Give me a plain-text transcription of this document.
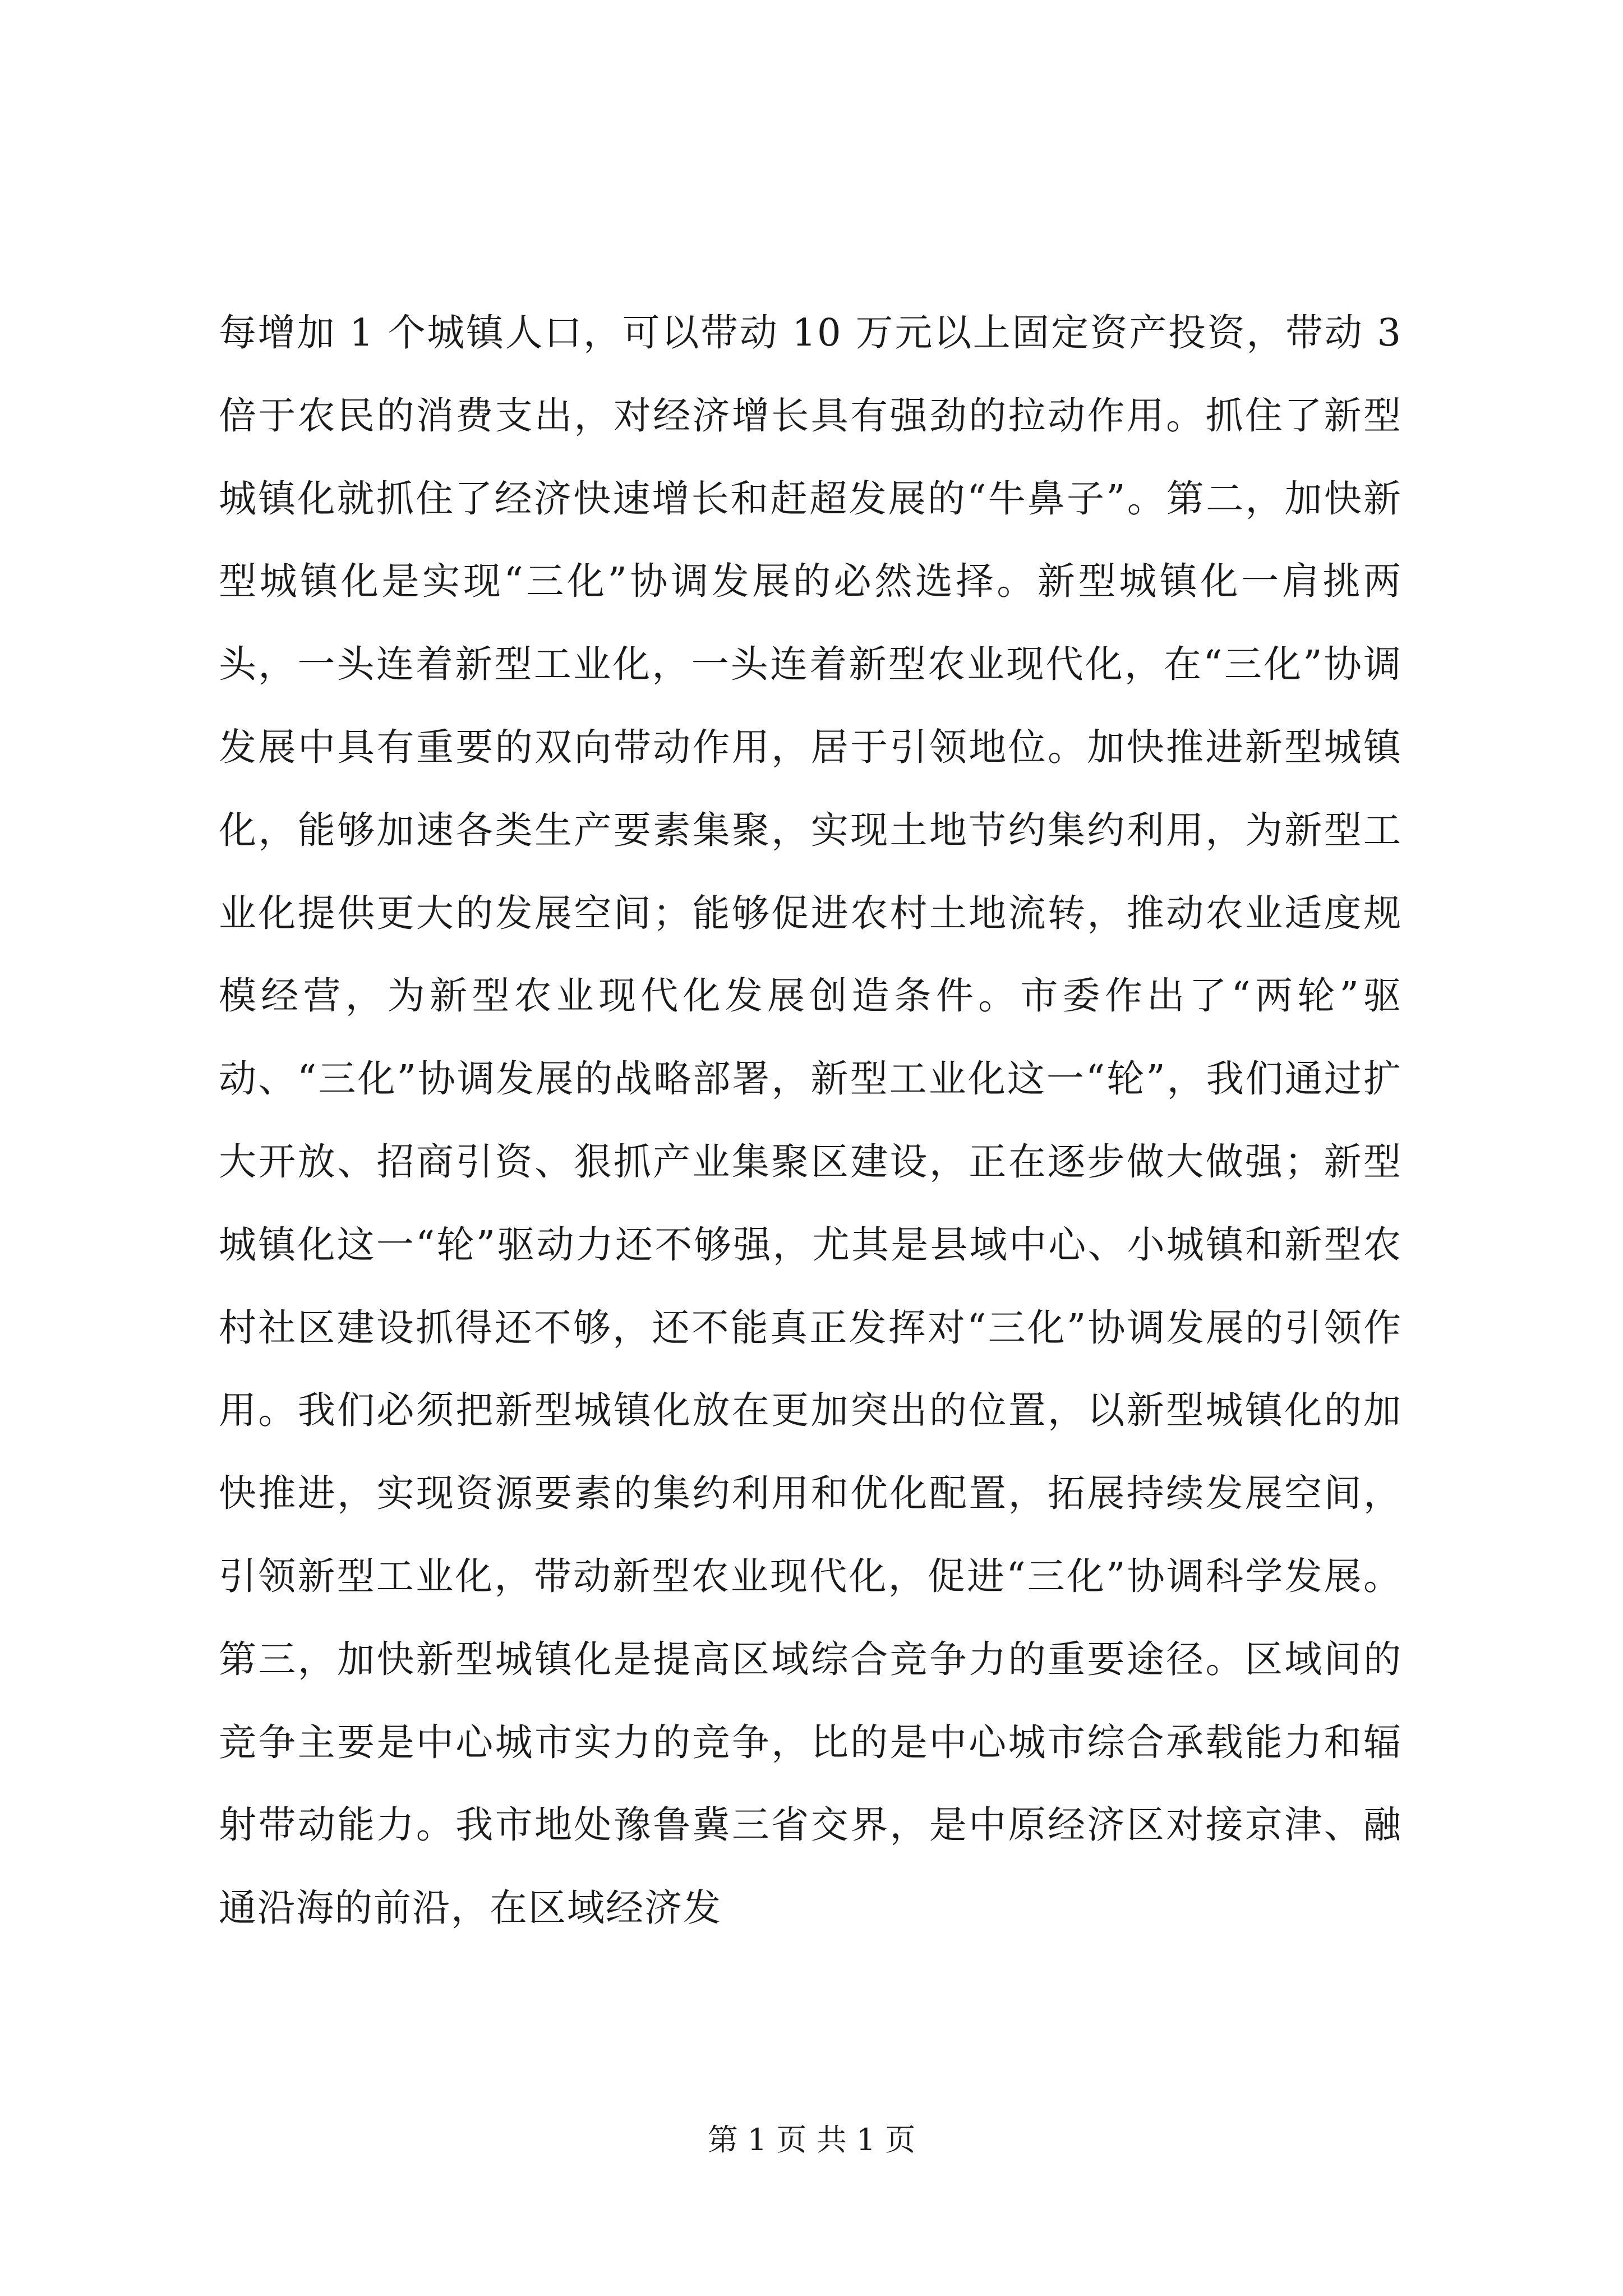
每增加 1 个城镇人口，可以带动 10 万元以上固定资产投资，带动 3 倍于农民的消费支出，对经济增长具有强劲的拉动作用。抓住了新型城镇化就抓住了经济快速增长和赶超发展的“牛鼻子”。第二，加快新型城镇化是实现“三化”协调发展的必然选择。新型城镇化一肩挑两头，一头连着新型工业化，一头连着新型农业现代化，在“三化”协调发展中具有重要的双向带动作用，居于引领地位。加快推进新型城镇化，能够加速各类生产要素集聚，实现土地节约集约利用，为新型工业化提供更大的发展空间；能够促进农村土地流转，推动农业适度规模经营，为新型农业现代化发展创造条件。市委作出了“两轮”驱动、“三化”协调发展的战略部署，新型工业化这一“轮”，我们通过扩大开放、招商引资、狠抓产业集聚区建设，正在逐步做大做强；新型城镇化这一“轮”驱动力还不够强，尤其是县域中心、小城镇和新型农村社区建设抓得还不够，还不能真正发挥对“三化”协调发展的引领作用。我们必须把新型城镇化放在更加突出的位置，以新型城镇化的加快推进，实现资源要素的集约利用和优化配置，拓展持续发展空间，引领新型工业化，带动新型农业现代化，促进“三化”协调科学发展。第三，加快新型城镇化是提高区域综合竞争力的重要途径。区域间的竞争主要是中心城市实力的竞争，比的是中心城市综合承载能力和辐射带动能力。我市地处豫鲁冀三省交界，是中原经济区对接京津、融通沿海的前沿，在区域经济发

第 1 页 共 1 页
